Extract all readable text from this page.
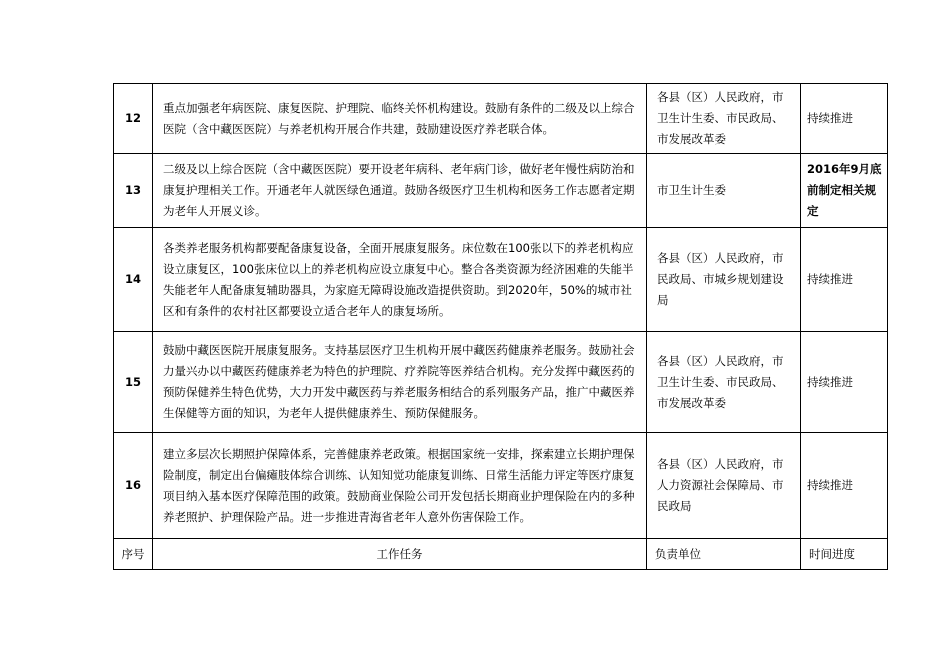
12	重点加强老年病医院、康复医院、护理院、临终关怀机构建设。鼓励有条件的二级及以上综合医院（含中藏医医院）与养老机构开展合作共建，鼓励建设医疗养老联合体。	各县（区）人民政府，市卫生计生委、市民政局、市发展改革委	持续推进
13	二级及以上综合医院（含中藏医医院）要开设老年病科、老年病门诊，做好老年慢性病防治和康复护理相关工作。开通老年人就医绿色通道。鼓励各级医疗卫生机构和医务工作志愿者定期为老年人开展义诊。	市卫生计生委	2016年9月底前制定相关规定
14	各类养老服务机构都要配备康复设备，全面开展康复服务。床位数在100张以下的养老机构应设立康复区，100张床位以上的养老机构应设立康复中心。整合各类资源为经济困难的失能半失能老年人配备康复辅助器具，为家庭无障碍设施改造提供资助。到2020年，50%的城市社区和有条件的农村社区都要设立适合老年人的康复场所。	各县（区）人民政府，市民政局、市城乡规划建设局	持续推进
15	鼓励中藏医医院开展康复服务。支持基层医疗卫生机构开展中藏医药健康养老服务。鼓励社会力量兴办以中藏医药健康养老为特色的护理院、疗养院等医养结合机构。充分发挥中藏医药的预防保健养生特色优势，大力开发中藏医药与养老服务相结合的系列服务产品，推广中藏医养生保健等方面的知识，为老年人提供健康养生、预防保健服务。	各县（区）人民政府，市卫生计生委、市民政局、市发展改革委	持续推进
16	建立多层次长期照护保障体系，完善健康养老政策。根据国家统一安排，探索建立长期护理保险制度，制定出台偏瘫肢体综合训练、认知知觉功能康复训练、日常生活能力评定等医疗康复项目纳入基本医疗保障范围的政策。鼓励商业保险公司开发包括长期商业护理保险在内的多种养老照护、护理保险产品。进一步推进青海省老年人意外伤害保险工作。	各县（区）人民政府，市人力资源社会保障局、市民政局	持续推进
序号	工作任务	负责单位	时间进度
